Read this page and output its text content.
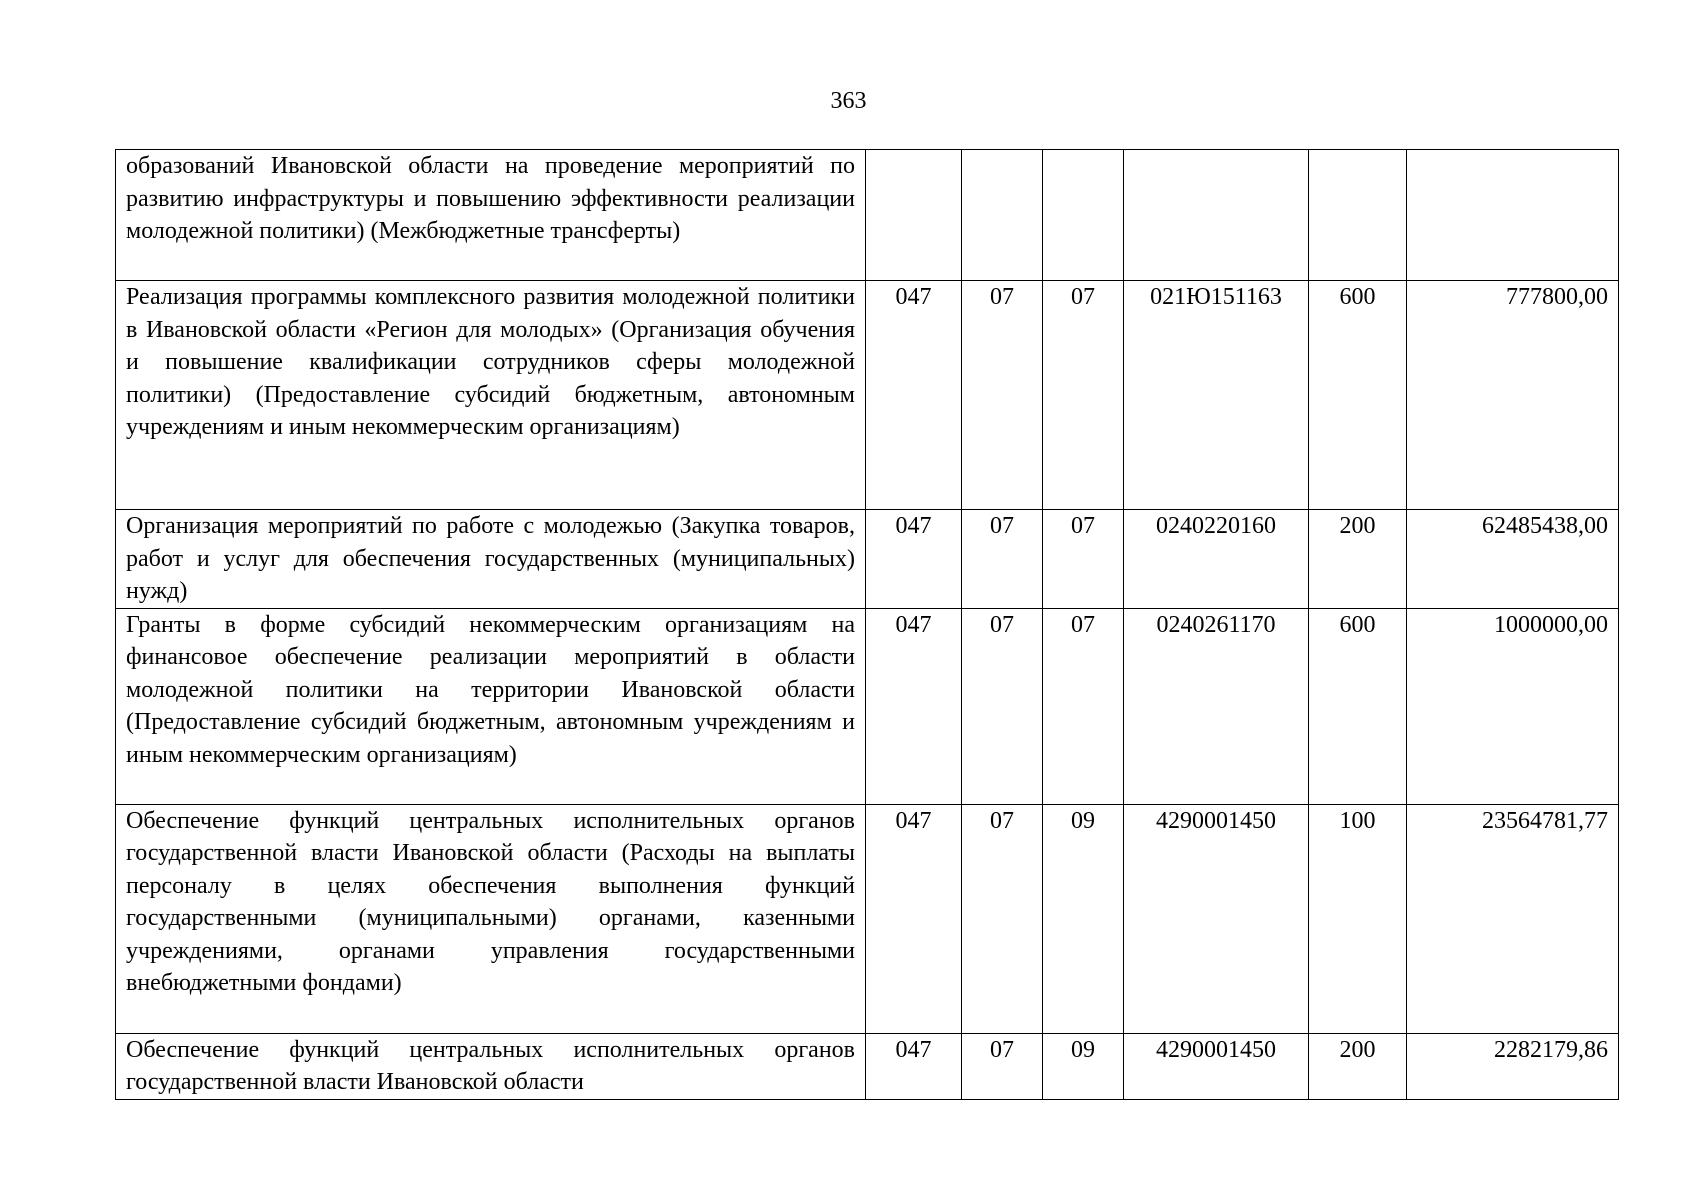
363
образований Ивановской области на проведение мероприятий по развитию инфраструктуры и повышению эффективности реализации молодежной политики) (Межбюджетные трансферты)						
Реализация программы комплексного развития молодежной политики в Ивановской области «Регион для молодых» (Организация обучения и повышение квалификации сотрудников сферы молодежной политики) (Предоставление субсидий бюджетным, автономным учреждениям и иным некоммерческим организациям)	047	07	07	021Ю151163	600	777800,00
Организация мероприятий по работе с молодежью (Закупка товаров, работ и услуг для обеспечения государственных (муниципальных) нужд)	047	07	07	0240220160	200	62485438,00
Гранты в форме субсидий некоммерческим организациям на финансовое обеспечение реализации мероприятий в области молодежной политики на территории Ивановской области (Предоставление субсидий бюджетным, автономным учреждениям и иным некоммерческим организациям)	047	07	07	0240261170	600	1000000,00
Обеспечение функций центральных исполнительных органов государственной власти Ивановской области (Расходы на выплаты персоналу в целях обеспечения выполнения функций государственными (муниципальными) органами, казенными учреждениями, органами управления государственными внебюджетными фондами)	047	07	09	4290001450	100	23564781,77
Обеспечение функций центральных исполнительных органов государственной власти Ивановской области	047	07	09	4290001450	200	2282179,86
